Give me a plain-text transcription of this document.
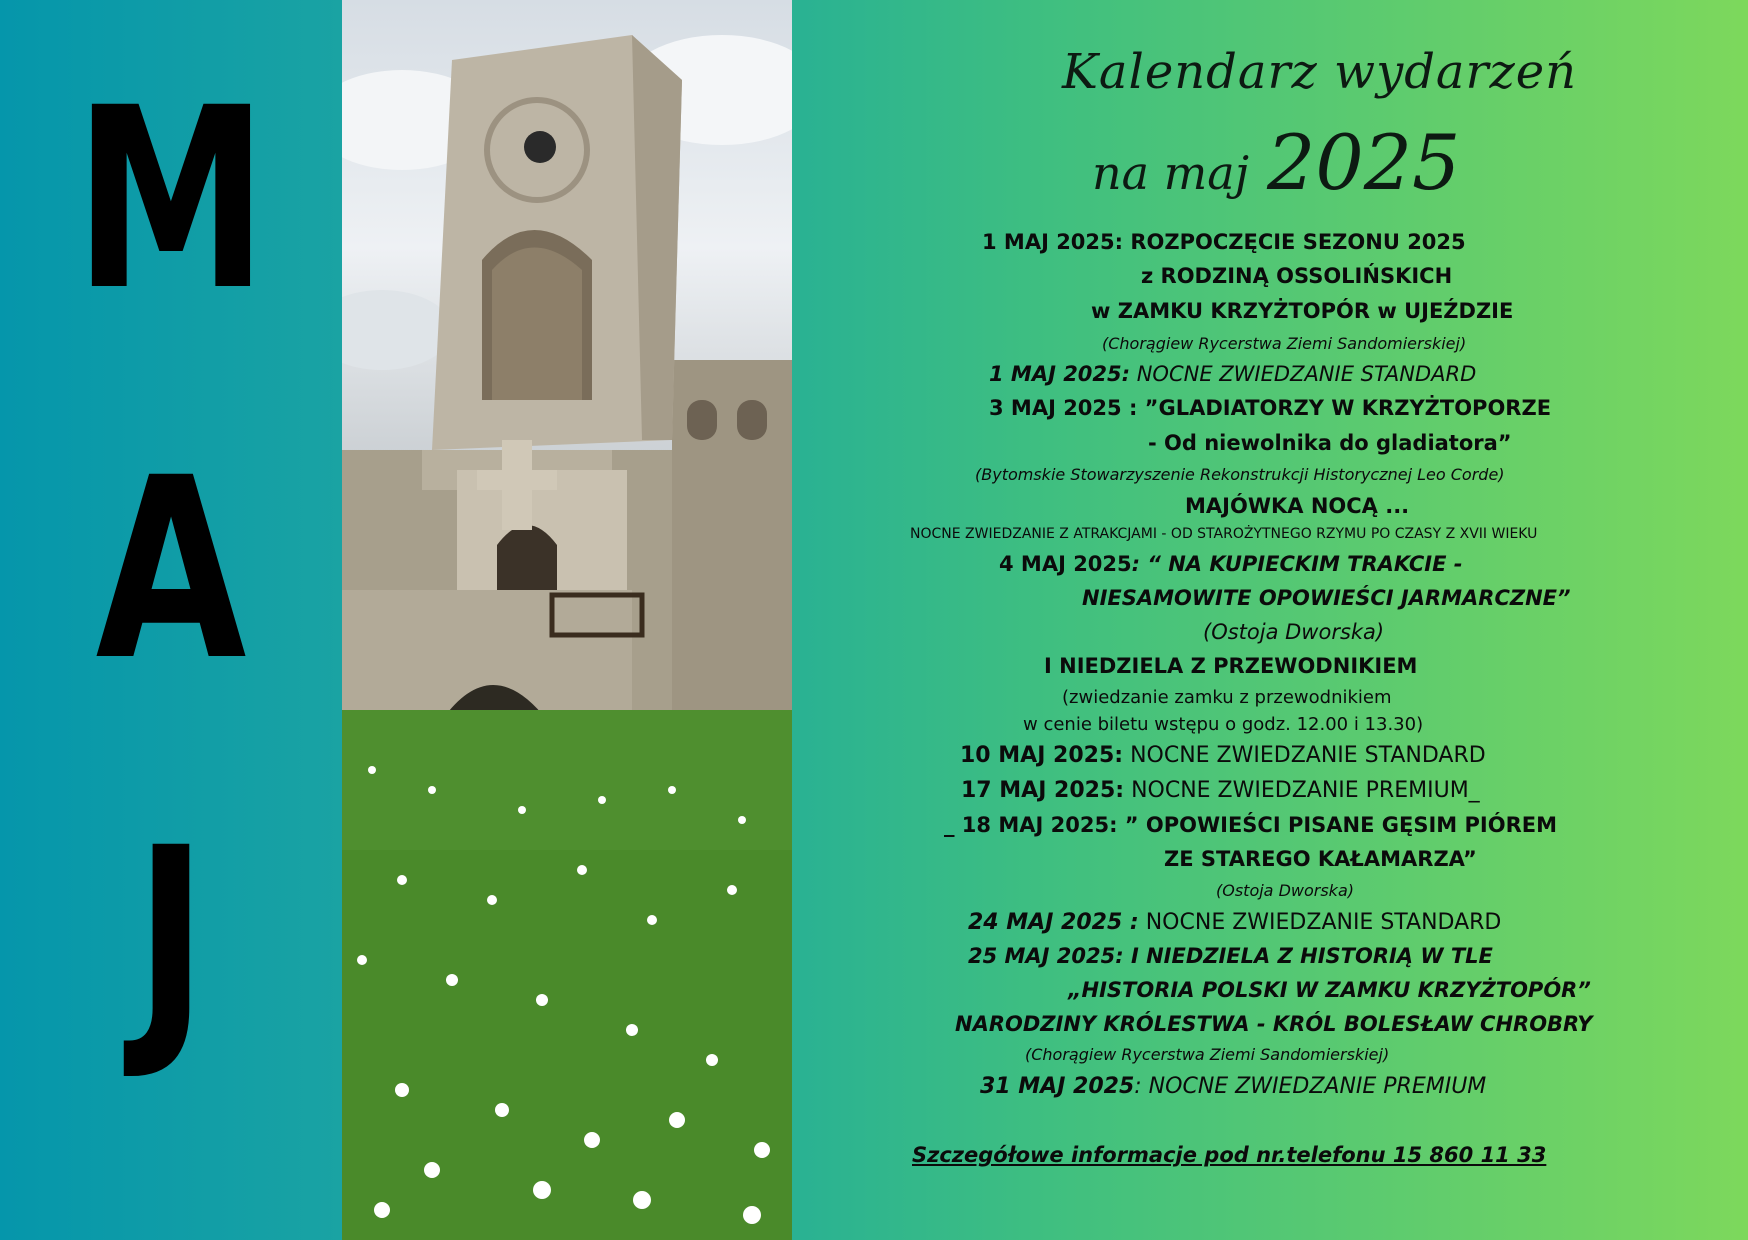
M
A
J
Kalendarz wydarzeń
na maj 2025
1 MAJ 2025: ROZPOCZĘCIE SEZONU 2025
z RODZINĄ OSSOLIŃSKICH
w ZAMKU KRZYŻTOPÓR w UJEŹDZIE
(Chorągiew Rycerstwa Ziemi Sandomierskiej)
1 MAJ 2025: NOCNE ZWIEDZANIE STANDARD
3 MAJ 2025 : ”GLADIATORZY W KRZYŻTOPORZE
- Od niewolnika do gladiatora”
(Bytomskie Stowarzyszenie Rekonstrukcji Historycznej Leo Corde)
MAJÓWKA NOCĄ ...
NOCNE ZWIEDZANIE Z ATRAKCJAMI - OD STAROŻYTNEGO RZYMU PO CZASY Z XVII WIEKU
4 MAJ 2025: “ NA KUPIECKIM TRAKCIE -
NIESAMOWITE OPOWIEŚCI JARMARCZNE”
(Ostoja Dworska)
I NIEDZIELA Z PRZEWODNIKIEM
(zwiedzanie zamku z przewodnikiem
w cenie biletu wstępu o godz. 12.00 i 13.30)
10 MAJ 2025: NOCNE ZWIEDZANIE STANDARD
17 MAJ 2025: NOCNE ZWIEDZANIE PREMIUM_
_ 18 MAJ 2025: ” OPOWIEŚCI PISANE GĘSIM PIÓREM
ZE STAREGO KAŁAMARZA”
(Ostoja Dworska)
24 MAJ 2025 : NOCNE ZWIEDZANIE STANDARD
25 MAJ 2025: I NIEDZIELA Z HISTORIĄ W TLE
„HISTORIA POLSKI W ZAMKU KRZYŻTOPÓR”
NARODZINY KRÓLESTWA - KRÓL BOLESŁAW CHROBRY
(Chorągiew Rycerstwa Ziemi Sandomierskiej)
31 MAJ 2025: NOCNE ZWIEDZANIE PREMIUM
Szczegółowe informacje pod nr.telefonu 15 860 11 33
